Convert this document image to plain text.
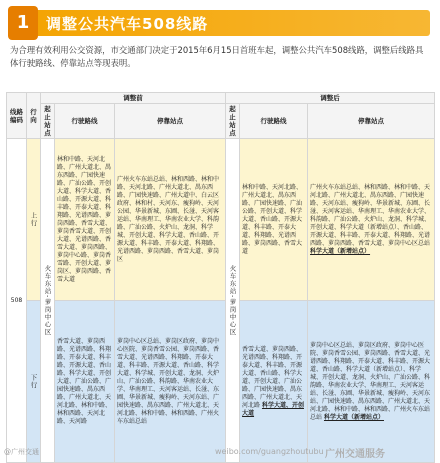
1	调整公共汽车508线路
为合理有效利用公交资源，市交通部门决定于2015年6月15日首班车起，调整公共汽车508线路，调整后线路具体行驶路线、停靠站点等现表明。
线路编码	行向	调整前			调整后		
		起止站点	行驶路线	停靠站点	起止站点	行驶路线	停靠站点
508	上行	火车东站-萝岗中心区	林和中路、天河北路、广州大道北、禺东西路、广园快速路、广汕公路、开创大道、科学大道、香山路、开源大道、科丰路、开泰大道、科翔路、光谱西路、萝岗西路、香雪大道、萝岗香雪大道、开创大道、光谱西路、香雪大道、萝岗西路、萝岗中心路、萝岗香雪路、开创大道、萝岗区、萝岗西路、香雪大道	广州火车东站总站、林和西路、林和中路、天河北路、广州大道北、禺东西路、广园快速路、广州大道中、白云区政府、林和村、天河东、瘦狗岭、天河公园、华景新城、东圃、长湴、天河客运站、华南理工、华南农业大学、科韵路、广汕公路、火炉山、龙洞、科学城、开创大道、科学大道、香山路、开源大道、科丰路、开泰大道、科翔路、光谱西路、萝岗西路、香雪大道、萝岗区	火车东站-萝岗中心区	林和中路、天河北路、广州大道北、禺东西路、广园快速路、广汕公路、开创大道、科学大道、香山路、开源大道、科丰路、开泰大道、科翔路、光谱西路、萝岗西路、香雪大道	广州火车东站总站、林和西路、林和中路、天河北路、广州大道北、禺东西路、广园快速路、天河东站、瘦狗岭、华景新城、东圃、长湴、天河客运站、华南理工、华南农业大学、科韵路、广汕公路、火炉山、龙洞、科学城、开创大道、科学大道（新增站点）、香山路、开源大道、科丰路、开泰大道、科翔路、光谱西路、萝岗西路、香雪大道、萝岗中心区总站 科学大道（新增站点）
	下行		香雪大道、萝岗西路、光谱西路、科翔路、开泰大道、科丰路、开源大道、香山路、科学大道、开创大道、广汕公路、广园快速路、禺东西路、广州大道北、天河北路、林和中路、林和西路、天河北路、天河路	萝岗中心区总站、萝岗区政府、萝岗中心医院、萝岗香雪公园、萝岗西路、香雪大道、光谱西路、科翔路、开泰大道、科丰路、开源大道、香山路、科学大道、科学城、开创大道、龙洞、火炉山、广汕公路、科韵路、华南农业大学、华南理工、天河客运站、长湴、东圃、华景新城、瘦狗岭、天河东站、广园快速路、禺东西路、广州大道北、天河北路、林和中路、林和西路、广州火车东站总站		香雪大道、萝岗西路、光谱西路、科翔路、开泰大道、科丰路、开源大道、香山路、科学大道、开创大道、广汕公路、广园快速路、禺东西路、广州大道北、天河北路 科学大道、开创大道	萝岗中心区总站、萝岗区政府、萝岗中心医院、萝岗香雪公园、萝岗西路、香雪大道、光谱西路、科翔路、开泰大道、科丰路、开源大道、香山路、科学大道（新增站点）、科学城、开创大道、龙洞、火炉山、广汕公路、科韵路、华南农业大学、华南理工、天河客运站、长湴、东圃、华景新城、瘦狗岭、天河东站、广园快速路、禺东西路、广州大道北、天河北路、林和中路、林和西路、广州火车东站总站 科学大道（新增站点）
@广州交通	weibo.com/guangzhoutubu 广州交通服务
